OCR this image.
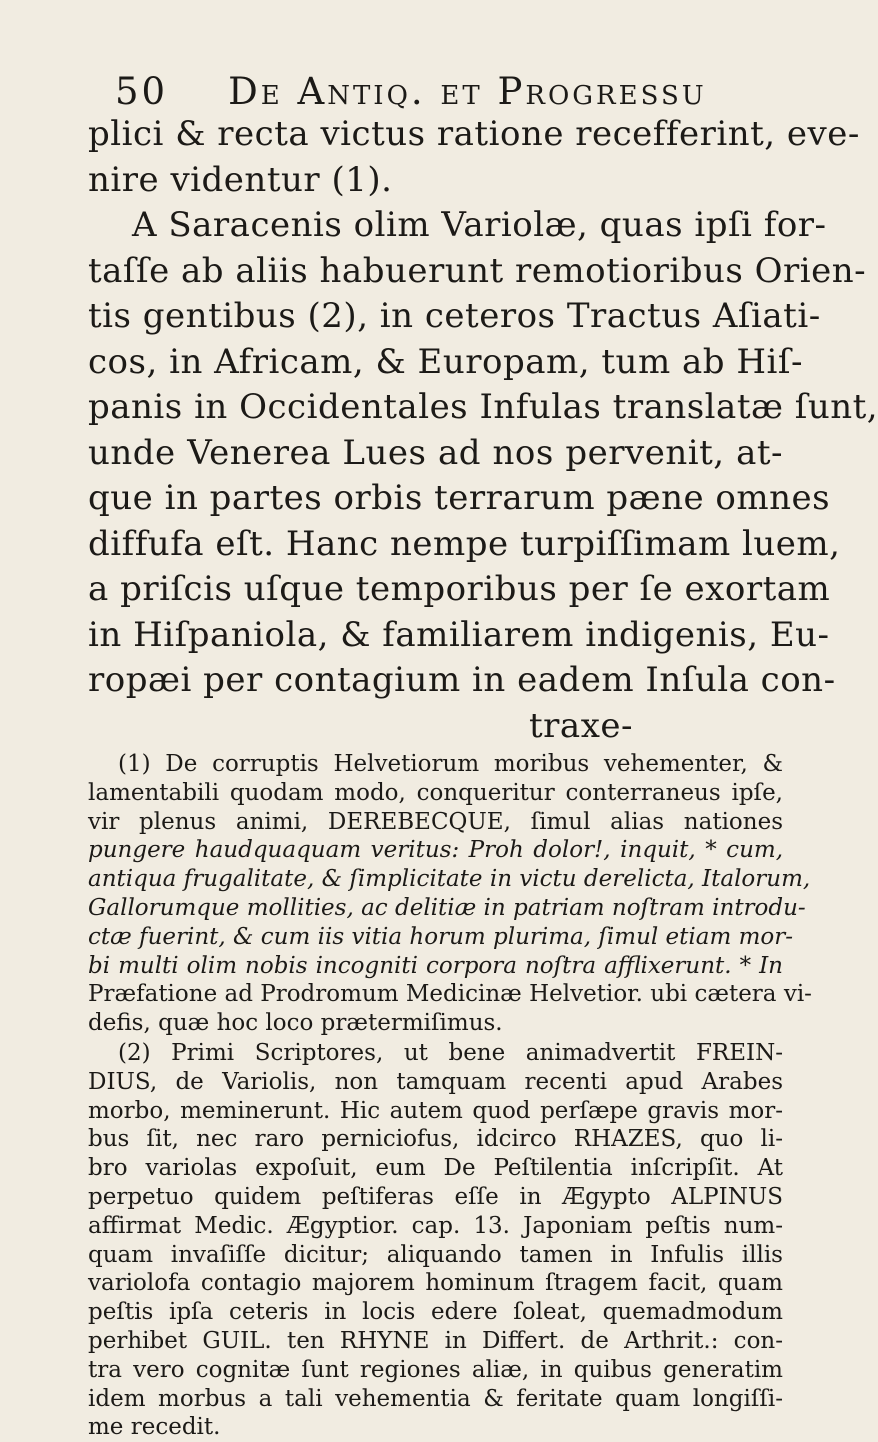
50 De Antiq. et Progressu
plici & recta victus ratione recefferint, eve-
nire videntur (1).
A Saracenis olim Variolæ, quas ipſi for-
taſſe ab aliis habuerunt remotioribus Orien-
tis gentibus (2), in ceteros Tractus Aſiati-
cos, in Africam, & Europam, tum ab Hiſ-
panis in Occidentales Infulas translatæ ſunt,
unde Venerea Lues ad nos pervenit, at-
que in partes orbis terrarum pæne omnes
diffufa eſt. Hanc nempe turpiſſimam luem,
a priſcis uſque temporibus per ſe exortam
in Hiſpaniola, & familiarem indigenis, Eu-
ropæi per contagium in eadem Inſula con-
traxe-
(1) De corruptis Helvetiorum moribus vehementer, &
lamentabili quodam modo, conqueritur conterraneus ipſe,
vir plenus animi, DEREBECQUE, ſimul alias nationes
pungere haudquaquam veritus: Proh dolor!, inquit, * cum,
antiqua frugalitate, & ſimplicitate in victu derelicta, Italorum,
Gallorumque mollities, ac delitiæ in patriam noſtram introdu-
ctæ fuerint, & cum iis vitia horum plurima, ſimul etiam mor-
bi multi olim nobis incogniti corpora noſtra afflixerunt. * In
Præfatione ad Prodromum Medicinæ Helvetior. ubi cætera vi-
defis, quæ hoc loco prætermiſimus.
(2) Primi Scriptores, ut bene animadvertit FREIN-
DIUS, de Variolis, non tamquam recenti apud Arabes
morbo, meminerunt. Hic autem quod perſæpe gravis mor-
bus ſit, nec raro perniciofus, idcirco RHAZES, quo li-
bro variolas expoſuit, eum De Peſtilentia inſcripſit. At
perpetuo quidem peſtiferas eſſe in Ægypto ALPINUS
affirmat Medic. Ægyptior. cap. 13. Japoniam peſtis num-
quam invaſiſſe dicitur; aliquando tamen in Infulis illis
variolofa contagio majorem hominum ſtragem facit, quam
peſtis ipſa ceteris in locis edere ſoleat, quemadmodum
perhibet GUIL. ten RHYNE in Differt. de Arthrit.: con-
tra vero cognitæ ſunt regiones aliæ, in quibus generatim
idem morbus a tali vehementia & feritate quam longiſſi-
me recedit.
